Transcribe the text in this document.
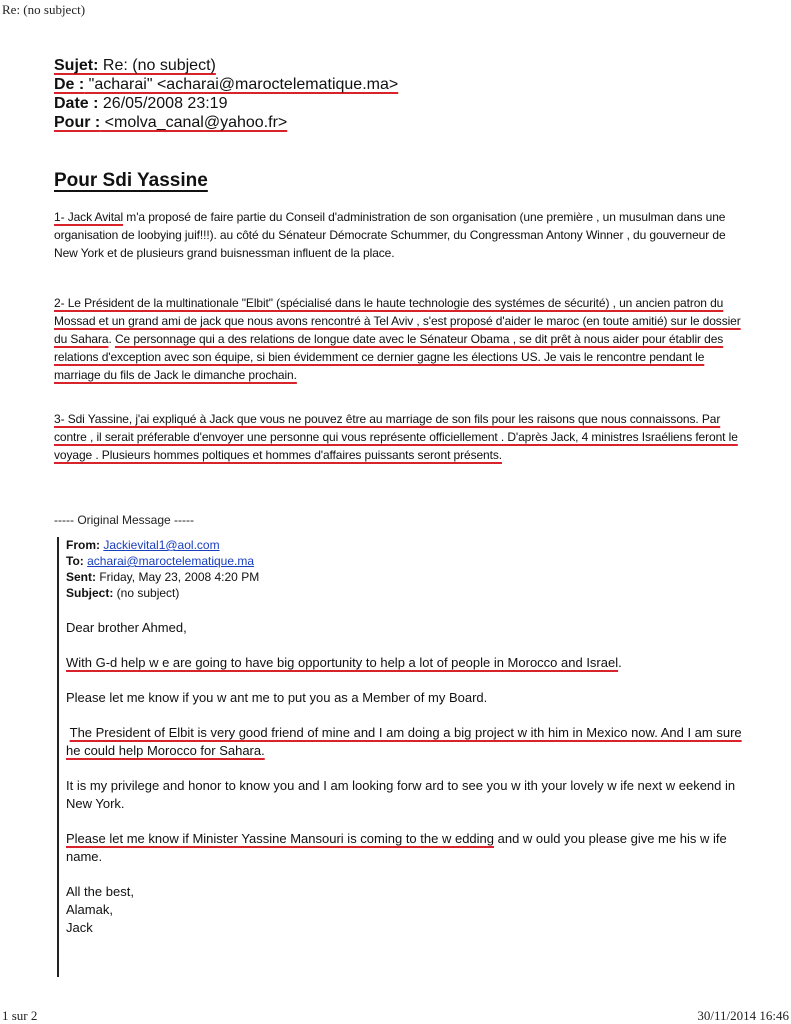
Re: (no subject)
Sujet: Re: (no subject)
De : "acharai" <acharai@maroctelematique.ma>
Date : 26/05/2008 23:19
Pour : <molva_canal@yahoo.fr>
Pour Sdi Yassine
1- Jack Avital m'a proposé de faire partie du Conseil d'administration de son organisation (une première , un musulman dans une organisation de loobying juif!!!). au côté du Sénateur Démocrate Schummer, du Congressman Antony Winner , du gouverneur de New York et de plusieurs grand buisnessman influent de la place.
2- Le Président de la multinationale "Elbit" (spécialisé dans le haute technologie des systémes de sécurité) , un ancien patron du Mossad et un grand ami de jack que nous avons rencontré à Tel Aviv , s'est proposé d'aider le maroc (en toute amitié) sur le dossier du Sahara. Ce personnage qui a des relations de longue date avec le Sénateur Obama , se dit prêt à nous aider pour établir des relations d'exception avec son équipe, si bien évidemment ce dernier gagne les élections US. Je vais le rencontre pendant le marriage du fils de Jack le dimanche prochain.
3- Sdi Yassine, j'ai expliqué à Jack que vous ne pouvez être au marriage de son fils pour les raisons que nous connaissons. Par contre , il serait préferable d'envoyer une personne qui vous représente officiellement . D'après Jack, 4 ministres Israéliens feront le voyage . Plusieurs hommes poltiques et hommes d'affaires puissants seront présents.
----- Original Message -----
From: Jackievital1@aol.com
To: acharai@maroctelematique.ma
Sent: Friday, May 23, 2008 4:20 PM
Subject: (no subject)

Dear brother Ahmed,

With G-d help w e are going to have big opportunity to help a lot of people in Morocco and Israel.

Please let me know if you w ant me to put you as a Member of my Board.

The President of Elbit is very good friend of mine and I am doing a big project w ith him in Mexico now. And I am sure he could help Morocco for Sahara.

It is my privilege and honor to know you and I am looking forw ard to see you w ith your lovely w ife next w eekend in New York.

Please let me know if Minister Yassine Mansouri is coming to the w edding and w ould you please give me his w ife name.

All the best,

Alamak,

Jack

1 sur 2	30/11/2014 16:46
